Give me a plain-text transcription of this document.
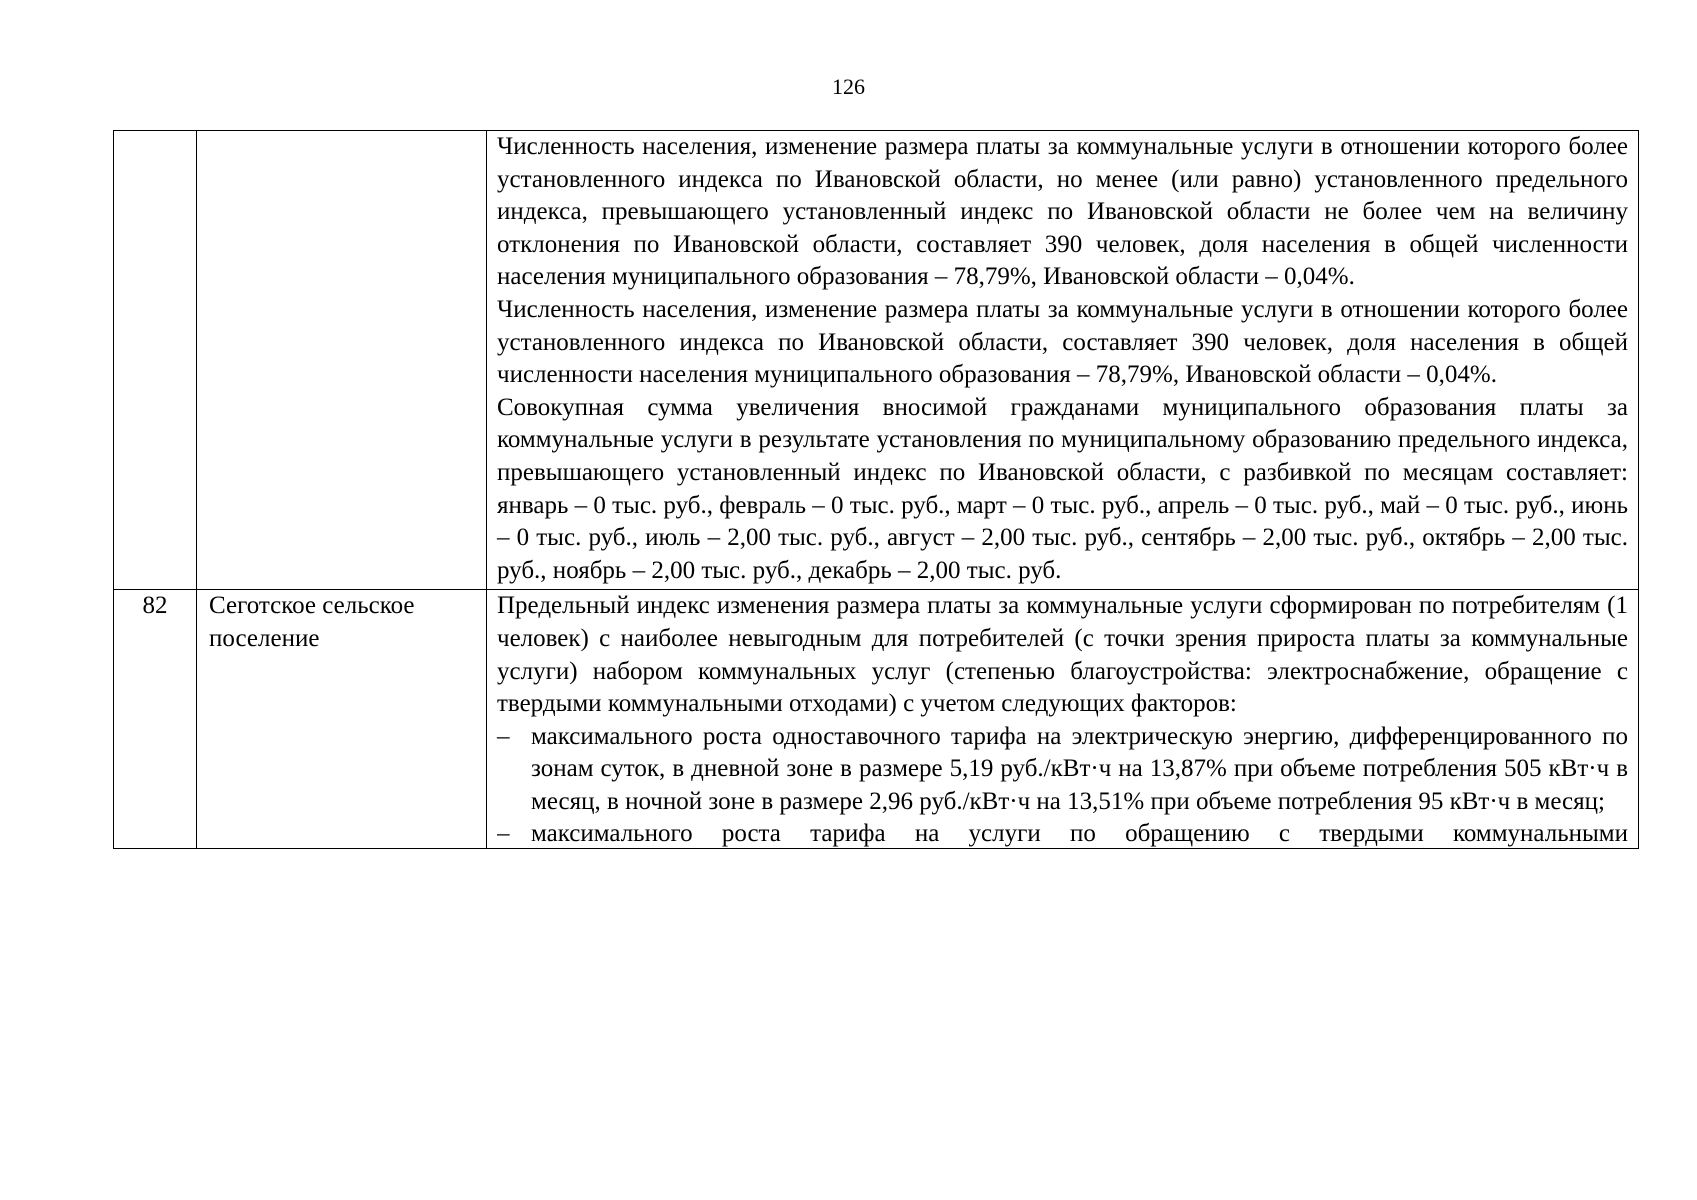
126

		Численность населения, изменение размера платы за коммунальные услуги в отношении которого более установленного индекса по Ивановской области, но менее (или равно) установленного предельного индекса, превышающего установленный индекс по Ивановской области не более чем на величину отклонения по Ивановской области, составляет 390 человек, доля населения в общей численности населения муниципального образования – 78,79%, Ивановской области – 0,04%.

Численность населения, изменение размера платы за коммунальные услуги в отношении которого более установленного индекса по Ивановской области, составляет 390 человек, доля населения в общей численности населения муниципального образования – 78,79%, Ивановской области – 0,04%.

Совокупная сумма увеличения вносимой гражданами муниципального образования платы за коммунальные услуги в результате установления по муниципальному образованию предельного индекса, превышающего установленный индекс по Ивановской области, с разбивкой по месяцам составляет: январь – 0 тыс. руб., февраль – 0 тыс. руб., март – 0 тыс. руб., апрель – 0 тыс. руб., май – 0 тыс. руб., июнь – 0 тыс. руб., июль – 2,00 тыс. руб., август – 2,00 тыс. руб., сентябрь – 2,00 тыс. руб., октябрь – 2,00 тыс. руб., ноябрь – 2,00 тыс. руб., декабрь – 2,00 тыс. руб.

82	Сеготское сельское поселение	Предельный индекс изменения размера платы за коммунальные услуги сформирован по потребителям (1 человек) с наиболее невыгодным для потребителей (с точки зрения прироста платы за коммунальные услуги) набором коммунальных услуг (степенью благоустройства: электроснабжение, обращение с твердыми коммунальными отходами) с учетом следующих факторов:

– максимального роста одноставочного тарифа на электрическую энергию, дифференцированного по зонам суток, в дневной зоне в размере 5,19 руб./кВт·ч на 13,87% при объеме потребления 505 кВт·ч в месяц, в ночной зоне в размере 2,96 руб./кВт·ч на 13,51% при объеме потребления 95 кВт·ч в месяц;
– максимального роста тарифа на услуги по обращению с твердыми коммунальными
